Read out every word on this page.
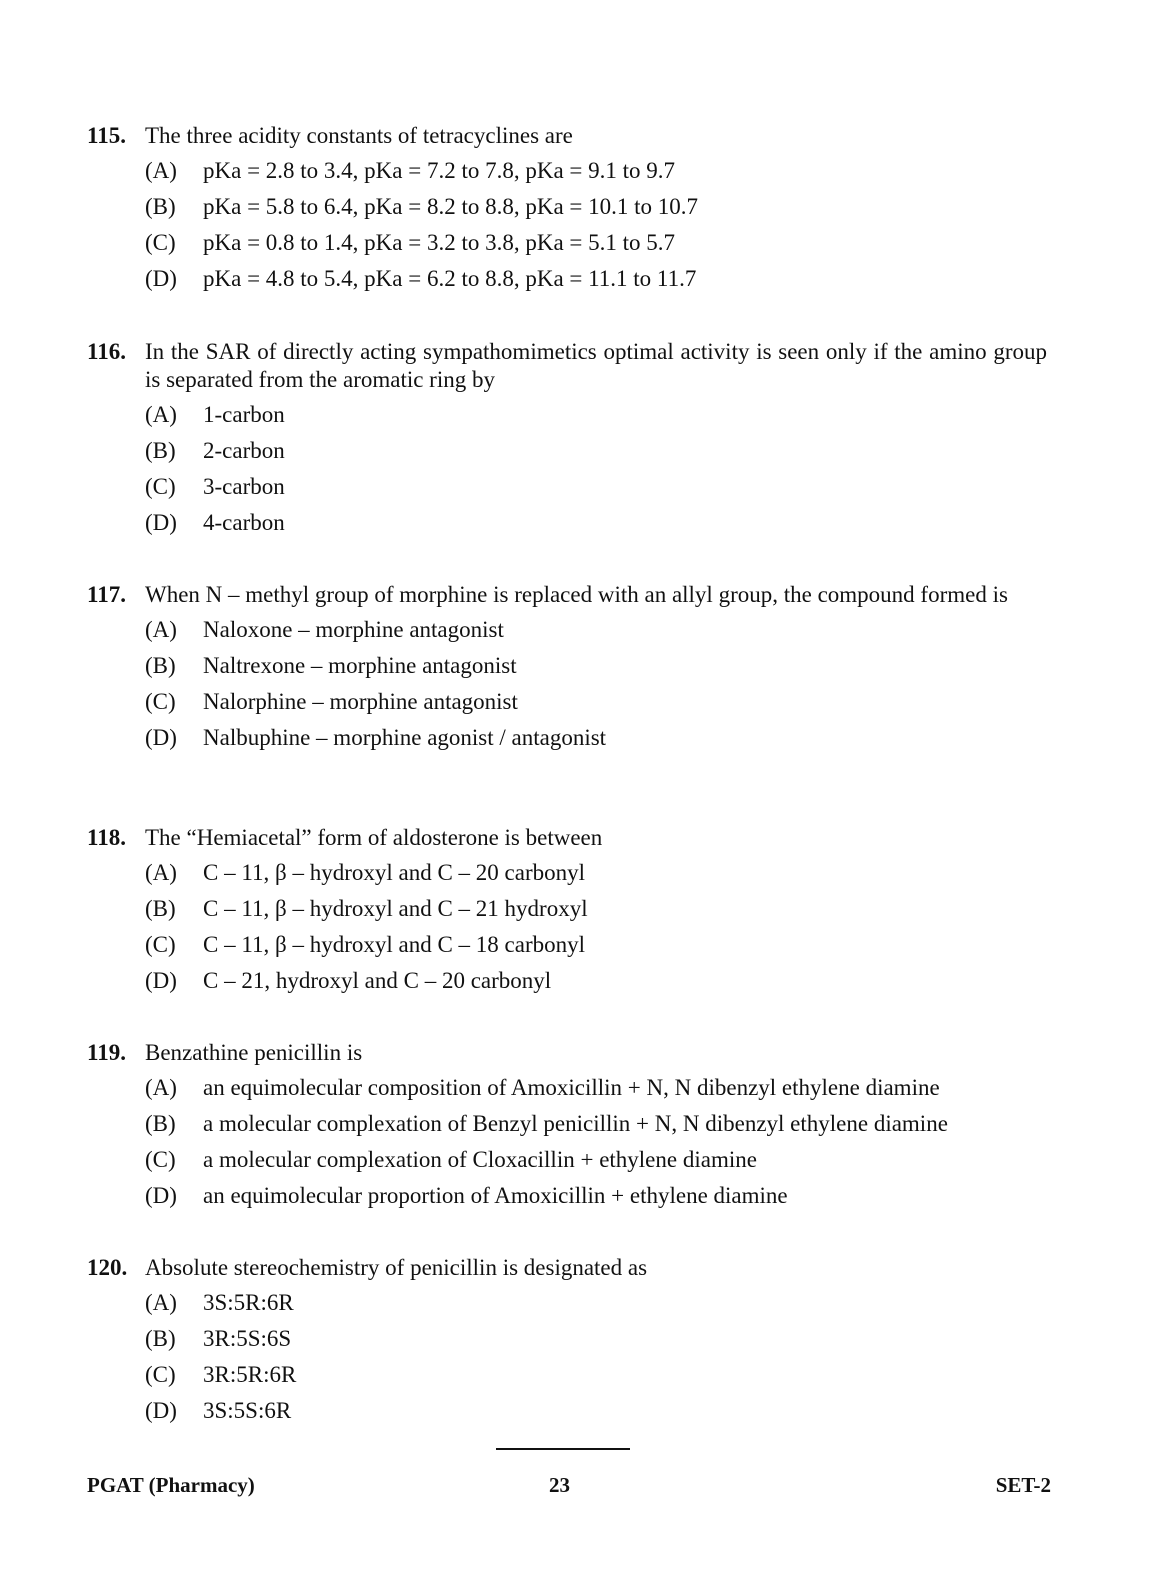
115. The three acidity constants of tetracyclines are
(A)	pKa = 2.8 to 3.4, pKa = 7.2 to 7.8, pKa = 9.1 to 9.7
(B)	pKa = 5.8 to 6.4, pKa = 8.2 to 8.8, pKa = 10.1 to 10.7
(C)	pKa = 0.8 to 1.4, pKa = 3.2 to 3.8, pKa = 5.1 to 5.7
(D)	pKa = 4.8 to 5.4, pKa = 6.2 to 8.8, pKa = 11.1 to 11.7
116. In the SAR of directly acting sympathomimetics optimal activity is seen only if the amino group is separated from the aromatic ring by
(A)	1-carbon
(B)	2-carbon
(C)	3-carbon
(D)	4-carbon
117. When N – methyl group of morphine is replaced with an allyl group, the compound formed is
(A)	Naloxone – morphine antagonist
(B)	Naltrexone – morphine antagonist
(C)	Nalorphine – morphine antagonist
(D)	Nalbuphine – morphine agonist / antagonist
118. The “Hemiacetal” form of aldosterone is between
(A)	C – 11, β – hydroxyl and C – 20 carbonyl
(B)	C – 11, β – hydroxyl and C – 21 hydroxyl
(C)	C – 11, β – hydroxyl and C – 18 carbonyl
(D)	C – 21, hydroxyl and C – 20 carbonyl
119. Benzathine penicillin is
(A)	an equimolecular composition of Amoxicillin + N, N dibenzyl ethylene diamine
(B)	a molecular complexation of Benzyl penicillin + N, N dibenzyl ethylene diamine
(C)	a molecular complexation of Cloxacillin + ethylene diamine
(D)	an equimolecular proportion of Amoxicillin + ethylene diamine
120. Absolute stereochemistry of penicillin is designated as
(A)	3S:5R:6R
(B)	3R:5S:6S
(C)	3R:5R:6R
(D)	3S:5S:6R
PGAT (Pharmacy)	23	SET-2
